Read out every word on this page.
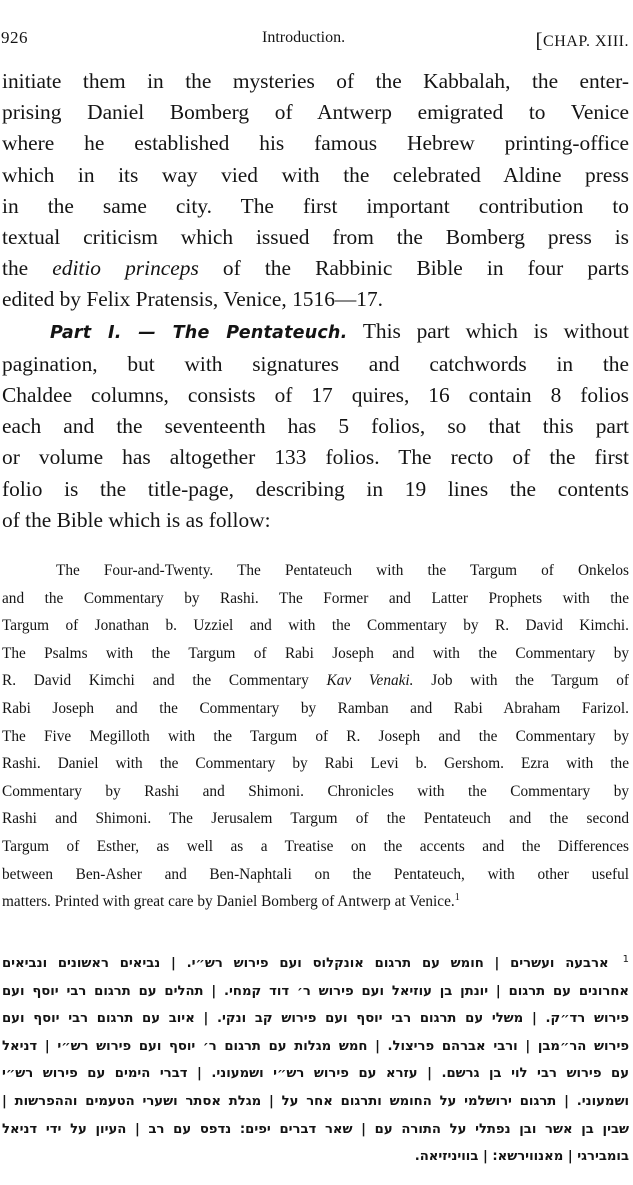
926	Introduction.	[CHAP. XIII.
initiate them in the mysteries of the Kabbalah, the enter-
prising Daniel Bomberg of Antwerp emigrated to Venice
where he established his famous Hebrew printing-office
which in its way vied with the celebrated Aldine press
in the same city. The first important contribution to
textual criticism which issued from the Bomberg press is
the editio princeps of the Rabbinic Bible in four parts
edited by Felix Pratensis, Venice, 1516—17.
Part I. — The Pentateuch. This part which is without
pagination, but with signatures and catchwords in the
Chaldee columns, consists of 17 quires, 16 contain 8 folios
each and the seventeenth has 5 folios, so that this part
or volume has altogether 133 folios. The recto of the first
folio is the title-page, describing in 19 lines the contents
of the Bible which is as follow:
The Four-and-Twenty. The Pentateuch with the Targum of Onkelos
and the Commentary by Rashi. The Former and Latter Prophets with the
Targum of Jonathan b. Uzziel and with the Commentary by R. David Kimchi.
The Psalms with the Targum of Rabi Joseph and with the Commentary by
R. David Kimchi and the Commentary Kav Venaki. Job with the Targum of
Rabi Joseph and the Commentary by Ramban and Rabi Abraham Farizol.
The Five Megilloth with the Targum of R. Joseph and the Commentary by
Rashi. Daniel with the Commentary by Rabi Levi b. Gershom. Ezra with the
Commentary by Rashi and Shimoni. Chronicles with the Commentary by
Rashi and Shimoni. The Jerusalem Targum of the Pentateuch and the second
Targum of Esther, as well as a Treatise on the accents and the Differences
between Ben-Asher and Ben-Naphtali on the Pentateuch, with other useful
matters. Printed with great care by Daniel Bomberg of Antwerp at Venice.$^1$
$^1$ארבעה ועשרים | חומש עם תרגום אונקלוס ועם פירוש רש״י. | נביאים ראשונים ונביאים
אחרונים עם תרגום | יונתן בן עוזיאל ועם פירוש ר׳ דוד קמחי. | תהלים עם תרגום רבי יוסף ועם
פירוש רד״ק. | משלי עם תרגום רבי יוסף ועם פירוש קב ונקי. | איוב עם תרגום רבי יוסף ועם
פירוש הר״מבן | ורבי אברהם פריצול. | חמש מגלות עם תרגום ר׳ יוסף ועם פירוש רש״י | דניאל
עם פירוש רבי לוי בן גרשם. | עזרא עם פירוש רש״י ושמעוני. | דברי הימים עם פירוש רש״י
ושמעוני. | תרגום ירושלמי על החומש ותרגום אחר על | מגלת אסתר ושערי הטעמים וההפרשות |
שבין בן אשר ובן נפתלי על התורה עם | שאר דברים יפים: נדפס עם רב | העיון על ידי דניאל
בומבירגי | מאנווירשא: | בוויניזיאה.
